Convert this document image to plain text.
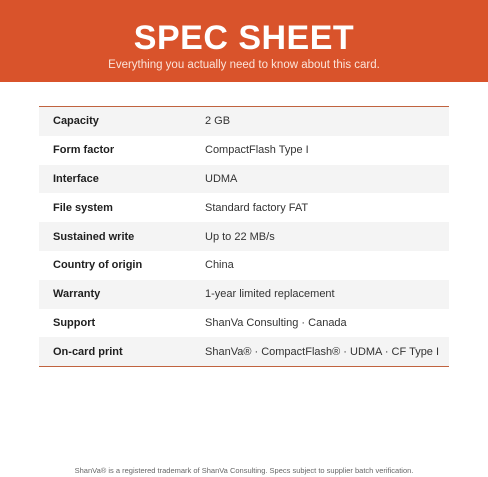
SPEC SHEET
Everything you actually need to know about this card.
Capacity	2 GB
Form factor	CompactFlash Type I
Interface	UDMA
File system	Standard factory FAT
Sustained write	Up to 22 MB/s
Country of origin	China
Warranty	1-year limited replacement
Support	ShanVa Consulting · Canada
On-card print	ShanVa® · CompactFlash® · UDMA · CF Type I
ShanVa® is a registered trademark of ShanVa Consulting. Specs subject to supplier batch verification.
